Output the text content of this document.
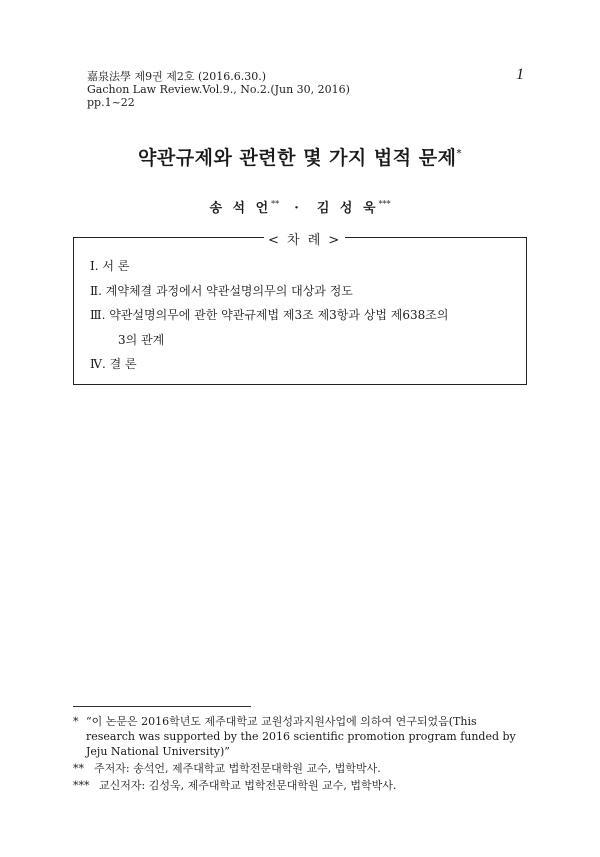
嘉泉法學 제9권 제2호 (2016.6.30.)
Gachon Law Review.Vol.9., No.2.(Jun 30, 2016)
pp.1~22
1
약관규제와 관련한 몇 가지 법적 문제*
송 석 언** · 김 성 욱***
< 차 례 >
Ⅰ. 서 론
Ⅱ. 계약체결 과정에서 약관설명의무의 대상과 정도
Ⅲ. 약관설명의무에 관한 약관규제법 제3조 제3항과 상법 제638조의
3의 관계
Ⅳ. 결 론
* “이 논문은 2016학년도 제주대학교 교원성과지원사업에 의하여 연구되었음(This research was supported by the 2016 scientific promotion program funded by Jeju National University)”
** 주저자: 송석언, 제주대학교 법학전문대학원 교수, 법학박사.
*** 교신저자: 김성욱, 제주대학교 법학전문대학원 교수, 법학박사.
